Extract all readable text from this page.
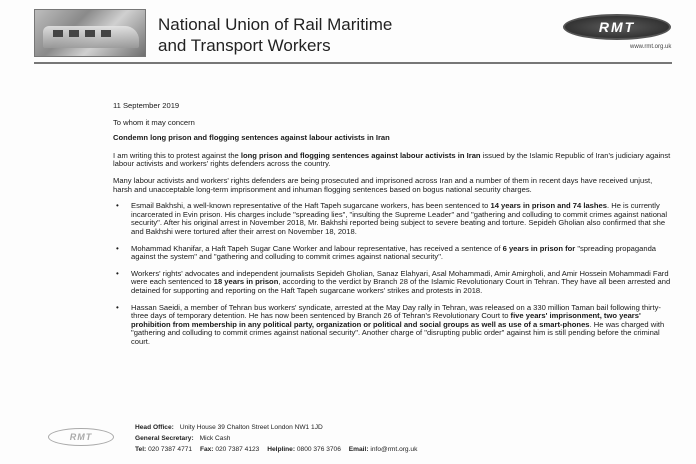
National Union of Rail Maritime
and Transport Workers
RMT
www.rmt.org.uk
11 September 2019
To whom it may concern
Condemn long prison and flogging sentences against labour activists in Iran
I am writing this to protest against the long prison and flogging sentences against labour activists in Iran issued by the Islamic Republic of Iran's judiciary against labour activists and workers' rights defenders across the country.
Many labour activists and workers' rights defenders are being prosecuted and imprisoned across Iran and a number of them in recent days have received unjust, harsh and unacceptable long-term imprisonment and inhuman flogging sentences based on bogus national security charges.
• Esmail Bakhshi, a well-known representative of the Haft Tapeh sugarcane workers, has been sentenced to 14 years in prison and 74 lashes. He is currently incarcerated in Evin prison. His charges include "spreading lies", "insulting the Supreme Leader" and "gathering and colluding to commit crimes against national security". After his original arrest in November 2018, Mr. Bakhshi reported being subject to severe beating and torture. Sepideh Gholian also confirmed that she and Bakhshi were tortured after their arrest on November 18, 2018.
• Mohammad Khanifar, a Haft Tapeh Sugar Cane Worker and labour representative, has received a sentence of 6 years in prison for "spreading propaganda against the system" and "gathering and colluding to commit crimes against national security".
• Workers' rights' advocates and independent journalists Sepideh Gholian, Sanaz Elahyari, Asal Mohammadi, Amir Amirgholi, and Amir Hossein Mohammadi Fard were each sentenced to 18 years in prison, according to the verdict by Branch 28 of the Islamic Revolutionary Court in Tehran. They have all been arrested and detained for supporting and reporting on the Haft Tapeh sugarcane workers' strikes and protests in 2018.
• Hassan Saeidi, a member of Tehran bus workers' syndicate, arrested at the May Day rally in Tehran, was released on a 330 million Taman bail following thirty-three days of temporary detention. He has now been sentenced by Branch 26 of Tehran's Revolutionary Court to five years' imprisonment, two years' prohibition from membership in any political party, organization or political and social groups as well as use of a smart-phones. He was charged with "gathering and colluding to commit crimes against national security". Another charge of "disrupting public order" against him is still pending before the criminal court.
RMT
Head Office: Unity House 39 Chalton Street London NW1 1JD
General Secretary: Mick Cash
Tel: 020 7387 4771 Fax: 020 7387 4123 Helpline: 0800 376 3706 Email: info@rmt.org.uk
